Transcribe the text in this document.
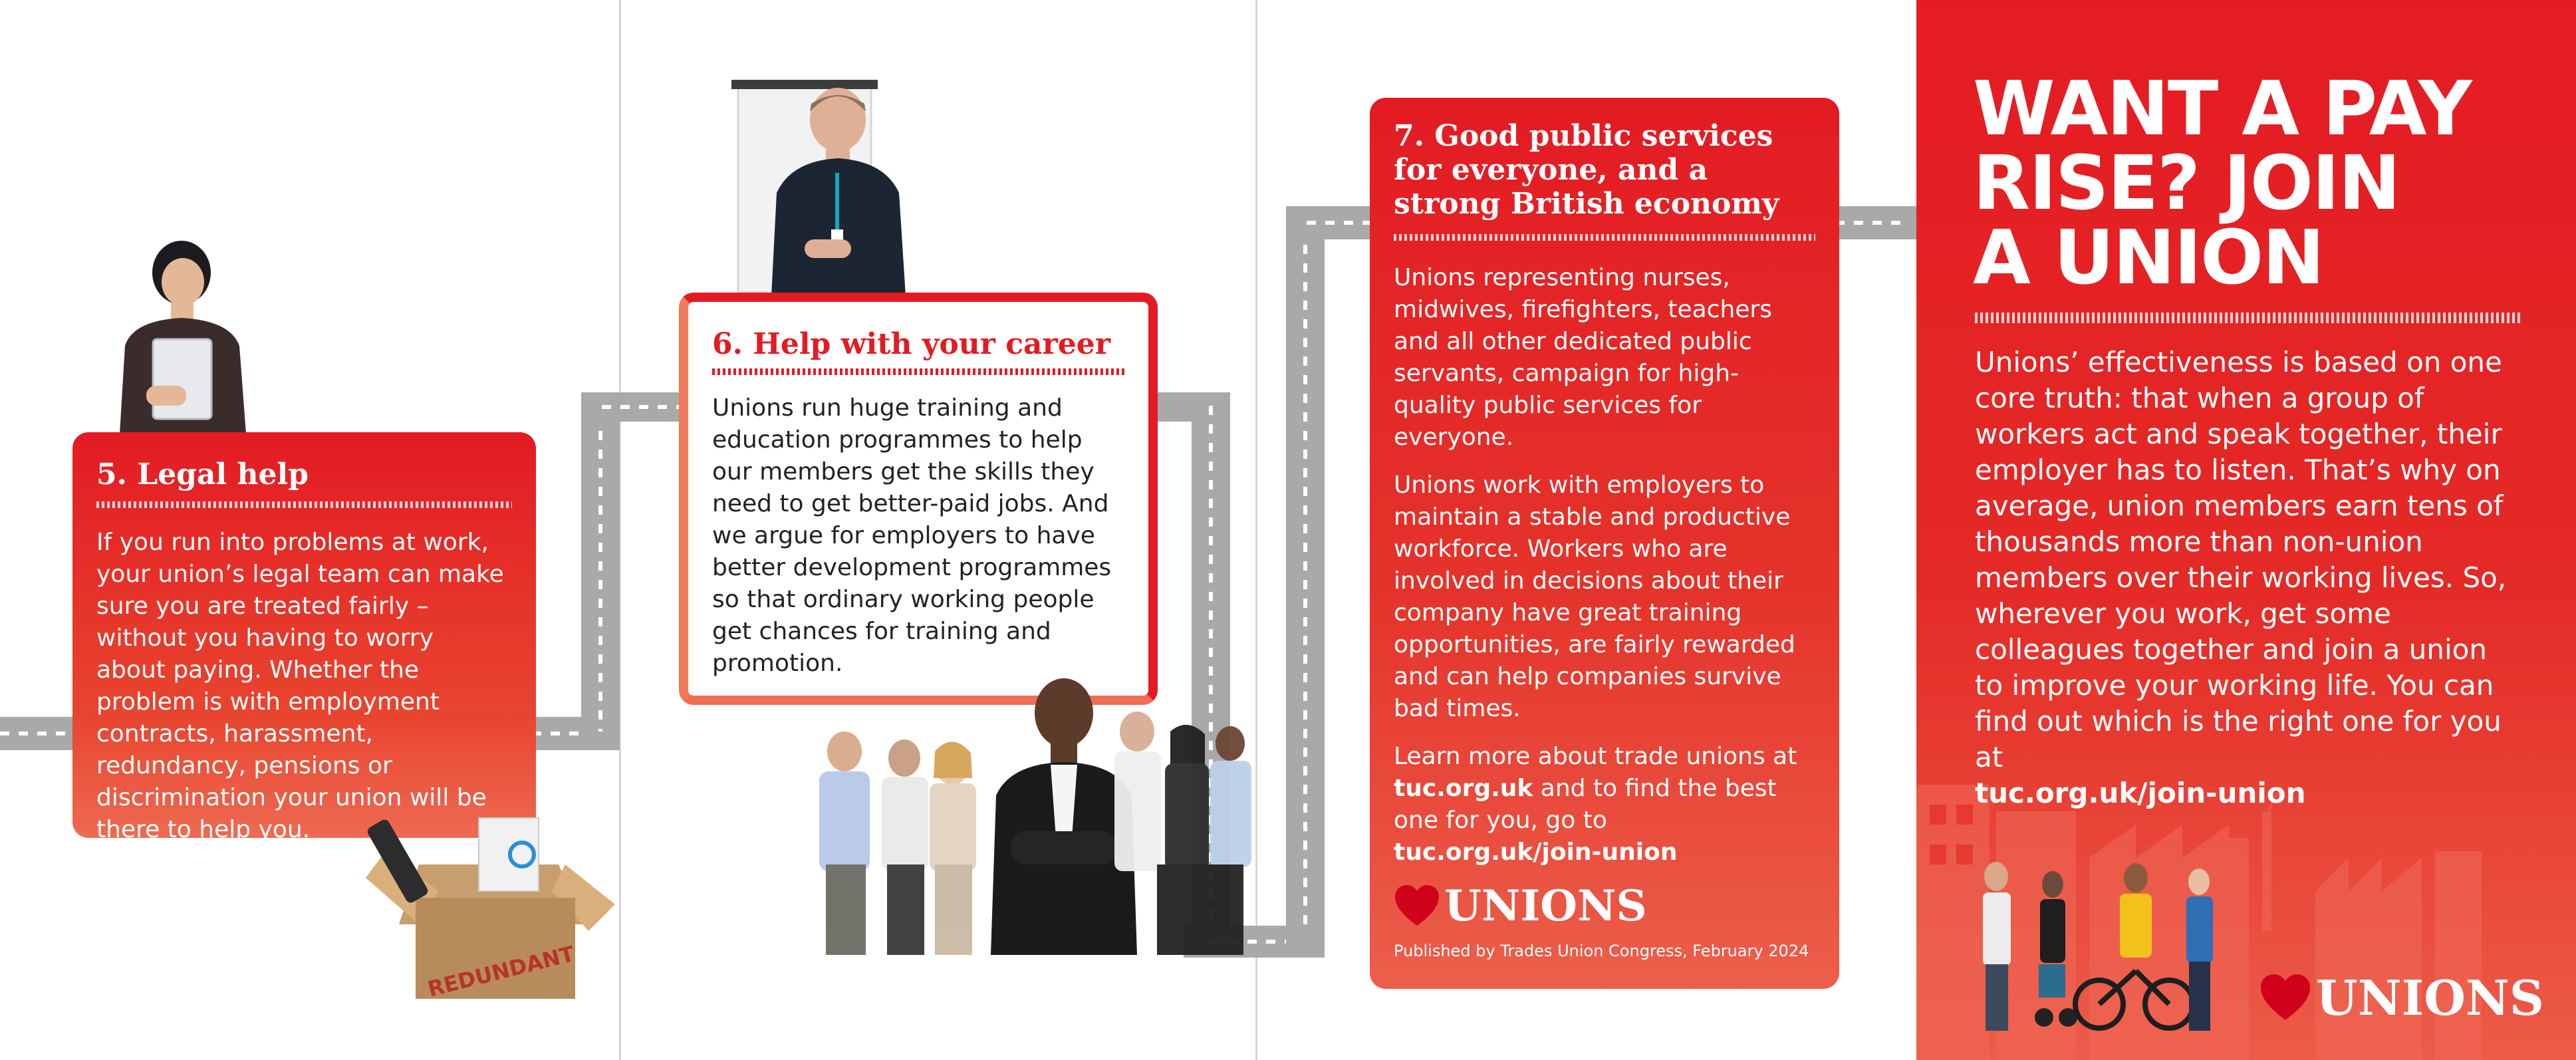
5. Legal help

If you run into problems at work, your union’s legal team can make sure you are treated fairly – without you having to worry about paying. Whether the problem is with employment contracts, harassment, redundancy, pensions or discrimination your union will be there to help you.

REDUNDANT
6. Help with your career

Unions run huge training and education programmes to help our members get the skills they need to get better-paid jobs. And we argue for employers to have better development programmes so that ordinary working people get chances for training and promotion.

7. Good public services for everyone, and a strong British economy

Unions representing nurses, midwives, firefighters, teachers and all other dedicated public servants, campaign for high-quality public services for everyone.

Unions work with employers to maintain a stable and productive workforce. Workers who are involved in decisions about their company have great training opportunities, are fairly rewarded and can help companies survive bad times.

Learn more about trade unions at tuc.org.uk and to find the best one for you, go to
tuc.org.uk/join-union

UNIONS

Published by Trades Union Congress, February 2024

WANT A PAY
RISE? JOIN
A UNION

Unions’ effectiveness is based on one core truth: that when a group of workers act and speak together, their employer has to listen. That’s why on average, union members earn tens of thousands more than non-union members over their working lives. So, wherever you work, get some colleagues together and join a union to improve your working life. You can find out which is the right one for you at
tuc.org.uk/join-union

UNIONS
